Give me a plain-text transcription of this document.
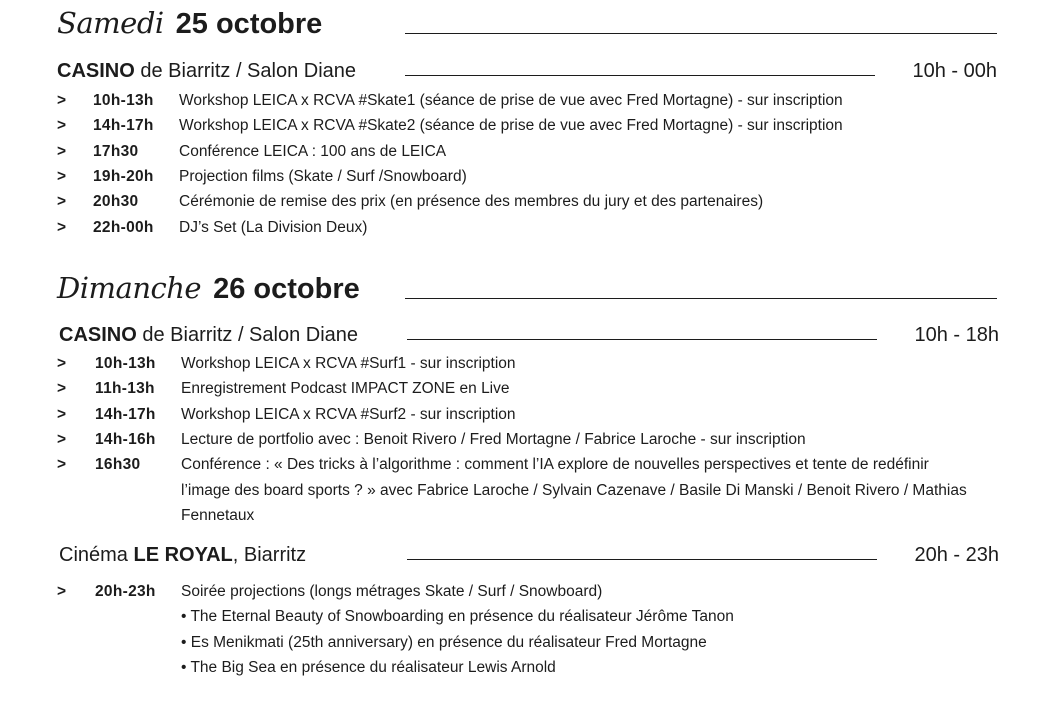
Samedi 25 octobre
CASINO de Biarritz / Salon Diane	10h - 00h
> 10h-13h Workshop LEICA x RCVA #Skate1 (séance de prise de vue avec Fred Mortagne) - sur inscription
> 14h-17h Workshop LEICA x RCVA #Skate2 (séance de prise de vue avec Fred Mortagne) - sur inscription
> 17h30	Conférence LEICA : 100 ans de LEICA
> 19h-20h Projection films (Skate / Surf /Snowboard)
> 20h30	Cérémonie de remise des prix (en présence des membres du jury et des partenaires)
> 22h-00h DJ’s Set (La Division Deux)
Dimanche 26 octobre
CASINO de Biarritz / Salon Diane	10h - 18h
> 10h-13h Workshop LEICA x RCVA #Surf1 - sur inscription
> 11h-13h Enregistrement Podcast IMPACT ZONE en Live
> 14h-17h Workshop LEICA x RCVA #Surf2 - sur inscription
> 14h-16h Lecture de portfolio avec : Benoit Rivero / Fred Mortagne / Fabrice Laroche - sur inscription
> 16h30	Conférence : « Des tricks à l’algorithme : comment l’IA explore de nouvelles perspectives et tente de redéfinir l’image des board sports ? » avec Fabrice Laroche / Sylvain Cazenave / Basile Di Manski / Benoit Rivero / Mathias Fennetaux
Cinéma LE ROYAL, Biarritz	20h - 23h
> 20h-23h Soirée projections (longs métrages Skate / Surf / Snowboard)
• The Eternal Beauty of Snowboarding en présence du réalisateur Jérôme Tanon
• Es Menikmati (25th anniversary) en présence du réalisateur Fred Mortagne
• The Big Sea en présence du réalisateur Lewis Arnold
